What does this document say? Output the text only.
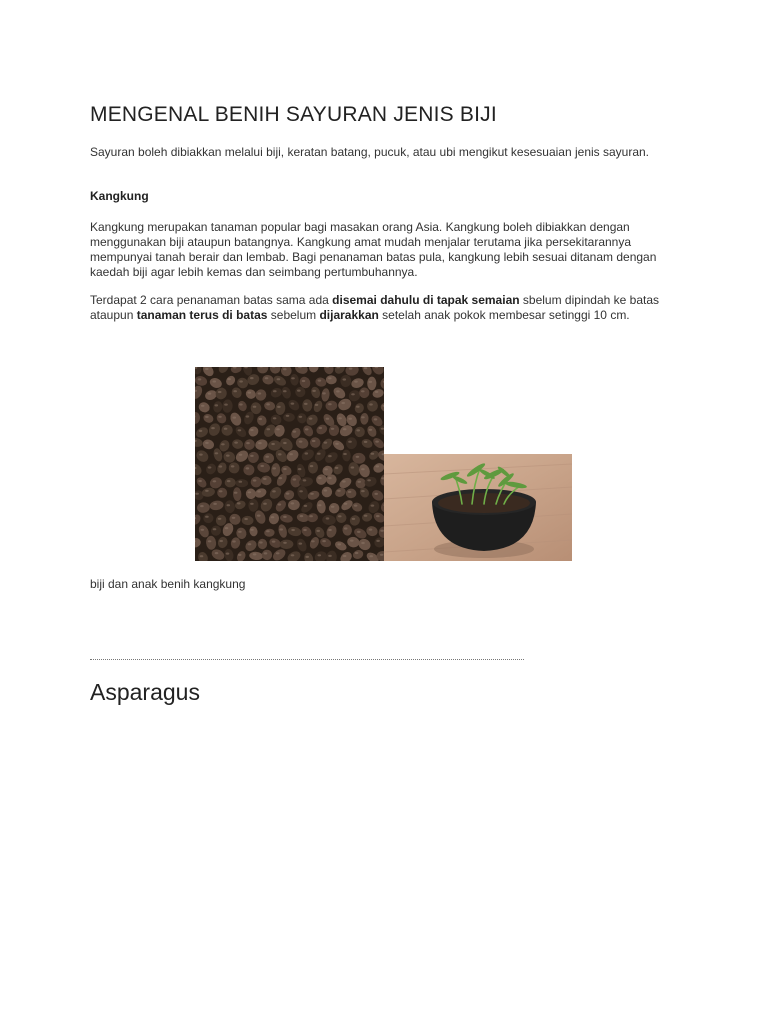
MENGENAL BENIH SAYURAN JENIS BIJI

Sayuran boleh dibiakkan melalui biji, keratan batang, pucuk, atau ubi mengikut kesesuaian jenis sayuran.

Kangkung

Kangkung merupakan tanaman popular bagi masakan orang Asia. Kangkung boleh dibiakkan dengan menggunakan biji ataupun batangnya. Kangkung amat mudah menjalar terutama jika persekitarannya mempunyai tanah berair dan lembab. Bagi penanaman batas pula, kangkung lebih sesuai ditanam dengan kaedah biji agar lebih kemas dan seimbang pertumbuhannya.

Terdapat 2 cara penanaman batas sama ada disemai dahulu di tapak semaian sbelum dipindah ke batas ataupun tanaman terus di batas sebelum dijarakkan setelah anak pokok membesar setinggi 10 cm.

biji dan anak benih kangkung

Asparagus
